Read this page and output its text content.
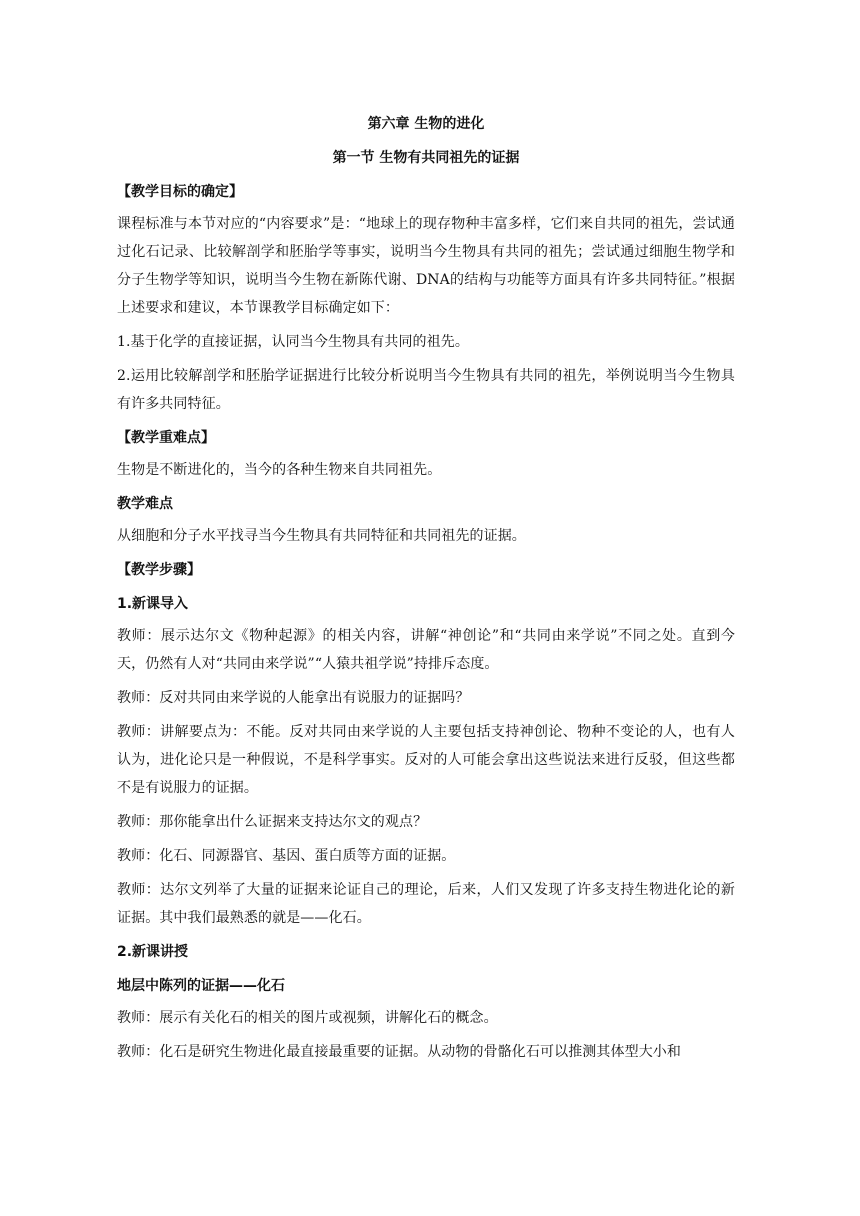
第六章 生物的进化
第一节 生物有共同祖先的证据
【教学目标的确定】

课程标准与本节对应的“内容要求”是：“地球上的现存物种丰富多样，它们来自共同的祖先，尝试通过化石记录、比较解剖学和胚胎学等事实，说明当今生物具有共同的祖先；尝试通过细胞生物学和分子生物学等知识，说明当今生物在新陈代谢、DNA的结构与功能等方面具有许多共同特征。”根据上述要求和建议，本节课教学目标确定如下：

1.基于化学的直接证据，认同当今生物具有共同的祖先。

2.运用比较解剖学和胚胎学证据进行比较分析说明当今生物具有共同的祖先，举例说明当今生物具有许多共同特征。

【教学重难点】

生物是不断进化的，当今的各种生物来自共同祖先。

教学难点

从细胞和分子水平找寻当今生物具有共同特征和共同祖先的证据。

【教学步骤】
1.新课导入

教师：展示达尔文《物种起源》的相关内容，讲解“神创论”和“共同由来学说”不同之处。直到今天，仍然有人对“共同由来学说”“人猿共祖学说”持排斥态度。

教师：反对共同由来学说的人能拿出有说服力的证据吗？

教师：讲解要点为：不能。反对共同由来学说的人主要包括支持神创论、物种不变论的人，也有人认为，进化论只是一种假说，不是科学事实。反对的人可能会拿出这些说法来进行反驳，但这些都不是有说服力的证据。

教师：那你能拿出什么证据来支持达尔文的观点？

教师：化石、同源器官、基因、蛋白质等方面的证据。

教师：达尔文列举了大量的证据来论证自己的理论，后来，人们又发现了许多支持生物进化论的新证据。其中我们最熟悉的就是——化石。

2.新课讲授
地层中陈列的证据——化石

教师：展示有关化石的相关的图片或视频，讲解化石的概念。

教师：化石是研究生物进化最直接最重要的证据。从动物的骨骼化石可以推测其体型大小和
